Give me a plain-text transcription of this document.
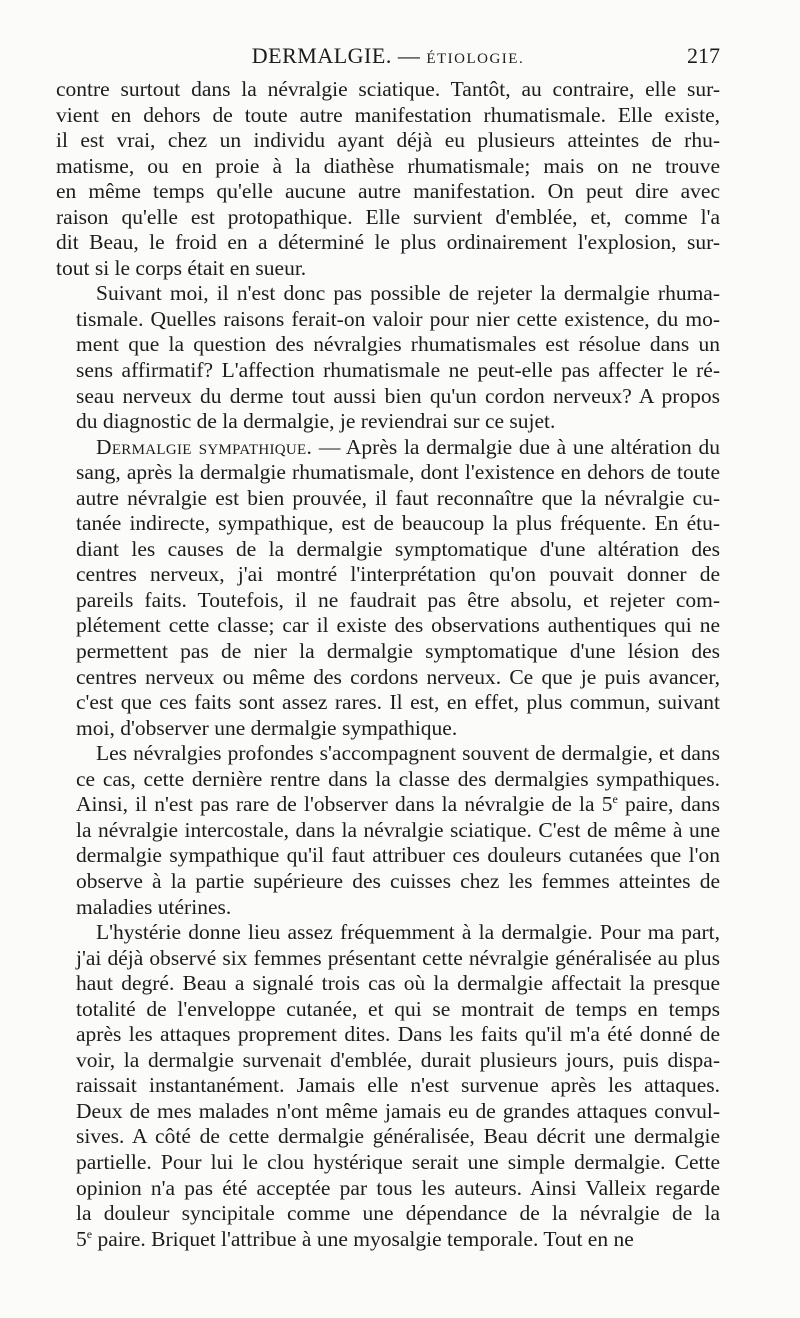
DERMALGIE. — ÉTIOLOGIE.	217

contre surtout dans la névralgie sciatique. Tantôt, au contraire, elle sur-
vient en dehors de toute autre manifestation rhumatismale. Elle existe,
il est vrai, chez un individu ayant déjà eu plusieurs atteintes de rhu-
matisme, ou en proie à la diathèse rhumatismale; mais on ne trouve
en même temps qu'elle aucune autre manifestation. On peut dire avec
raison qu'elle est protopathique. Elle survient d'emblée, et, comme l'a
dit Beau, le froid en a déterminé le plus ordinairement l'explosion, sur-
tout si le corps était en sueur.

Suivant moi, il n'est donc pas possible de rejeter la dermalgie rhuma-
tismale. Quelles raisons ferait-on valoir pour nier cette existence, du mo-
ment que la question des névralgies rhumatismales est résolue dans un
sens affirmatif? L'affection rhumatismale ne peut-elle pas affecter le ré-
seau nerveux du derme tout aussi bien qu'un cordon nerveux? A propos
du diagnostic de la dermalgie, je reviendrai sur ce sujet.

Dermalgie sympathique. — Après la dermalgie due à une altération du
sang, après la dermalgie rhumatismale, dont l'existence en dehors de toute
autre névralgie est bien prouvée, il faut reconnaître que la névralgie cu-
tanée indirecte, sympathique, est de beaucoup la plus fréquente. En étu-
diant les causes de la dermalgie symptomatique d'une altération des
centres nerveux, j'ai montré l'interprétation qu'on pouvait donner de
pareils faits. Toutefois, il ne faudrait pas être absolu, et rejeter com-
plétement cette classe; car il existe des observations authentiques qui ne
permettent pas de nier la dermalgie symptomatique d'une lésion des
centres nerveux ou même des cordons nerveux. Ce que je puis avancer,
c'est que ces faits sont assez rares. Il est, en effet, plus commun, suivant
moi, d'observer une dermalgie sympathique.

Les névralgies profondes s'accompagnent souvent de dermalgie, et dans
ce cas, cette dernière rentre dans la classe des dermalgies sympathiques.
Ainsi, il n'est pas rare de l'observer dans la névralgie de la 5e paire, dans
la névralgie intercostale, dans la névralgie sciatique. C'est de même à une
dermalgie sympathique qu'il faut attribuer ces douleurs cutanées que l'on
observe à la partie supérieure des cuisses chez les femmes atteintes de
maladies utérines.

L'hystérie donne lieu assez fréquemment à la dermalgie. Pour ma part,
j'ai déjà observé six femmes présentant cette névralgie généralisée au plus
haut degré. Beau a signalé trois cas où la dermalgie affectait la presque
totalité de l'enveloppe cutanée, et qui se montrait de temps en temps
après les attaques proprement dites. Dans les faits qu'il m'a été donné de
voir, la dermalgie survenait d'emblée, durait plusieurs jours, puis dispa-
raissait instantanément. Jamais elle n'est survenue après les attaques.
Deux de mes malades n'ont même jamais eu de grandes attaques convul-
sives. A côté de cette dermalgie généralisée, Beau décrit une dermalgie
partielle. Pour lui le clou hystérique serait une simple dermalgie. Cette
opinion n'a pas été acceptée par tous les auteurs. Ainsi Valleix regarde
la douleur syncipitale comme une dépendance de la névralgie de la
5e paire. Briquet l'attribue à une myosalgie temporale. Tout en ne
